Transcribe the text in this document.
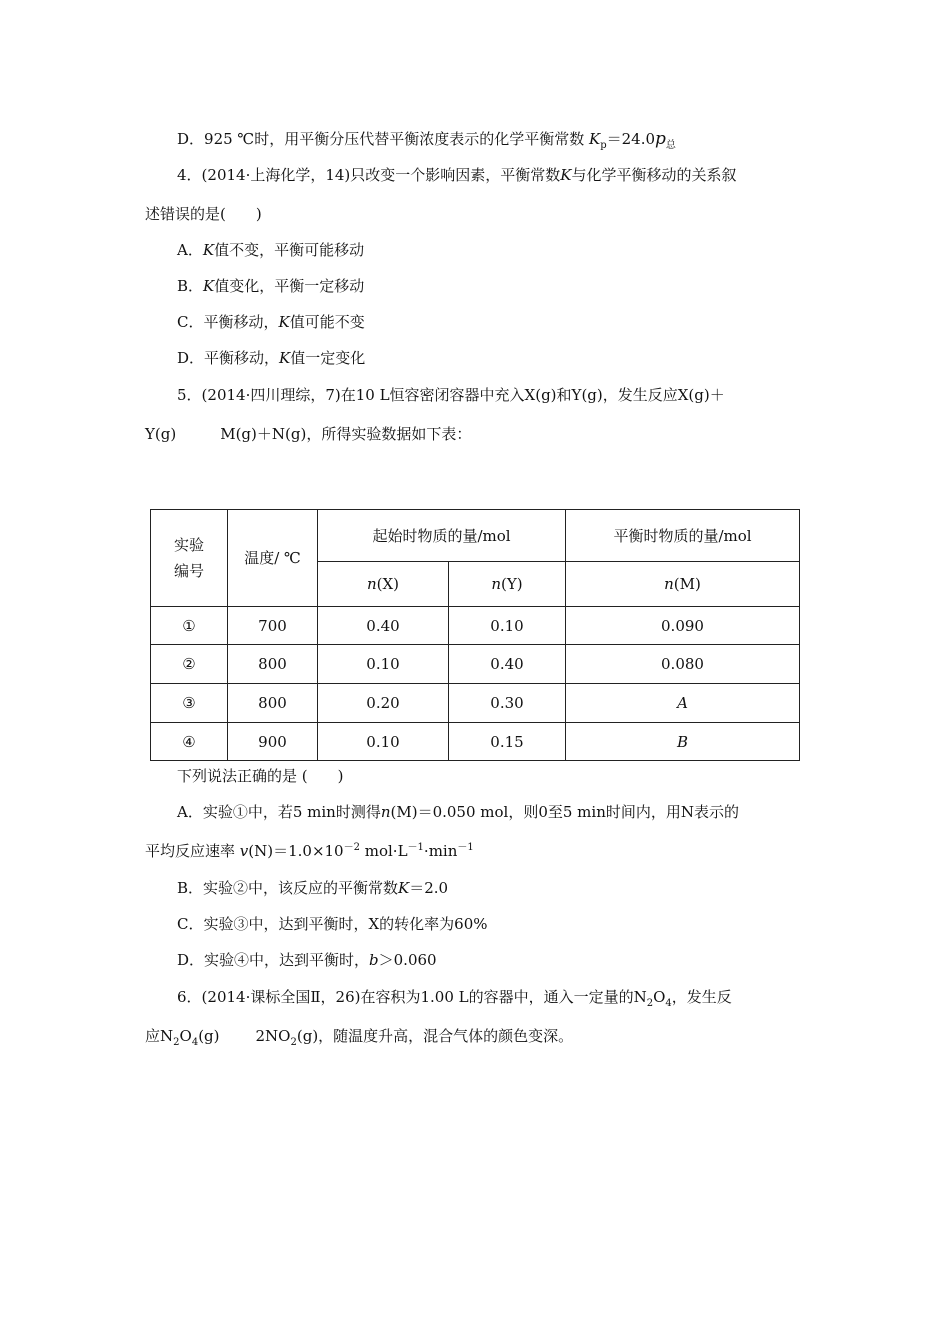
D．925 ℃时，用平衡分压代替平衡浓度表示的化学平衡常数 $K_p=24.0p_总$
4．(2014·上海化学，14)只改变一个影响因素，平衡常数K与化学平衡移动的关系叙
述错误的是(　　)
A．K值不变，平衡可能移动
B．K值变化，平衡一定移动
C．平衡移动，K值可能不变
D．平衡移动，K值一定变化
5．(2014·四川理综，7)在10 L恒容密闭容器中充入X(g)和Y(g)，发生反应X(g)＋
Y(g)	M(g)＋N(g)，所得实验数据如下表：
实验
编号	温度/ ℃	起始时物质的量/mol		平衡时物质的量/mol
		n(X)	n(Y)	n(M)
①	700	0.40	0.10	0.090
②	800	0.10	0.40	0.080
③	800	0.20	0.30	A
④	900	0.10	0.15	B
下列说法正确的是 (　　)
A．实验①中，若5 min时测得n(M)＝0.050 mol，则0至5 min时间内，用N表示的
平均反应速率 $v(N)=1.0\times 10^{-2}$ $mol\cdot L^{-1}\cdot\min^{-1}$
B．实验②中，该反应的平衡常数K＝2.0
C．实验③中，达到平衡时，X的转化率为60%
D．实验④中，达到平衡时，b＞0.060
6．(2014·课标全国Ⅱ，26)在容积为1.00 L的容器中，通入一定量的$N_2O_4$，发生反
应$N_2O_4(g)$ $2NO_2(g)$，随温度升高，混合气体的颜色变深。
